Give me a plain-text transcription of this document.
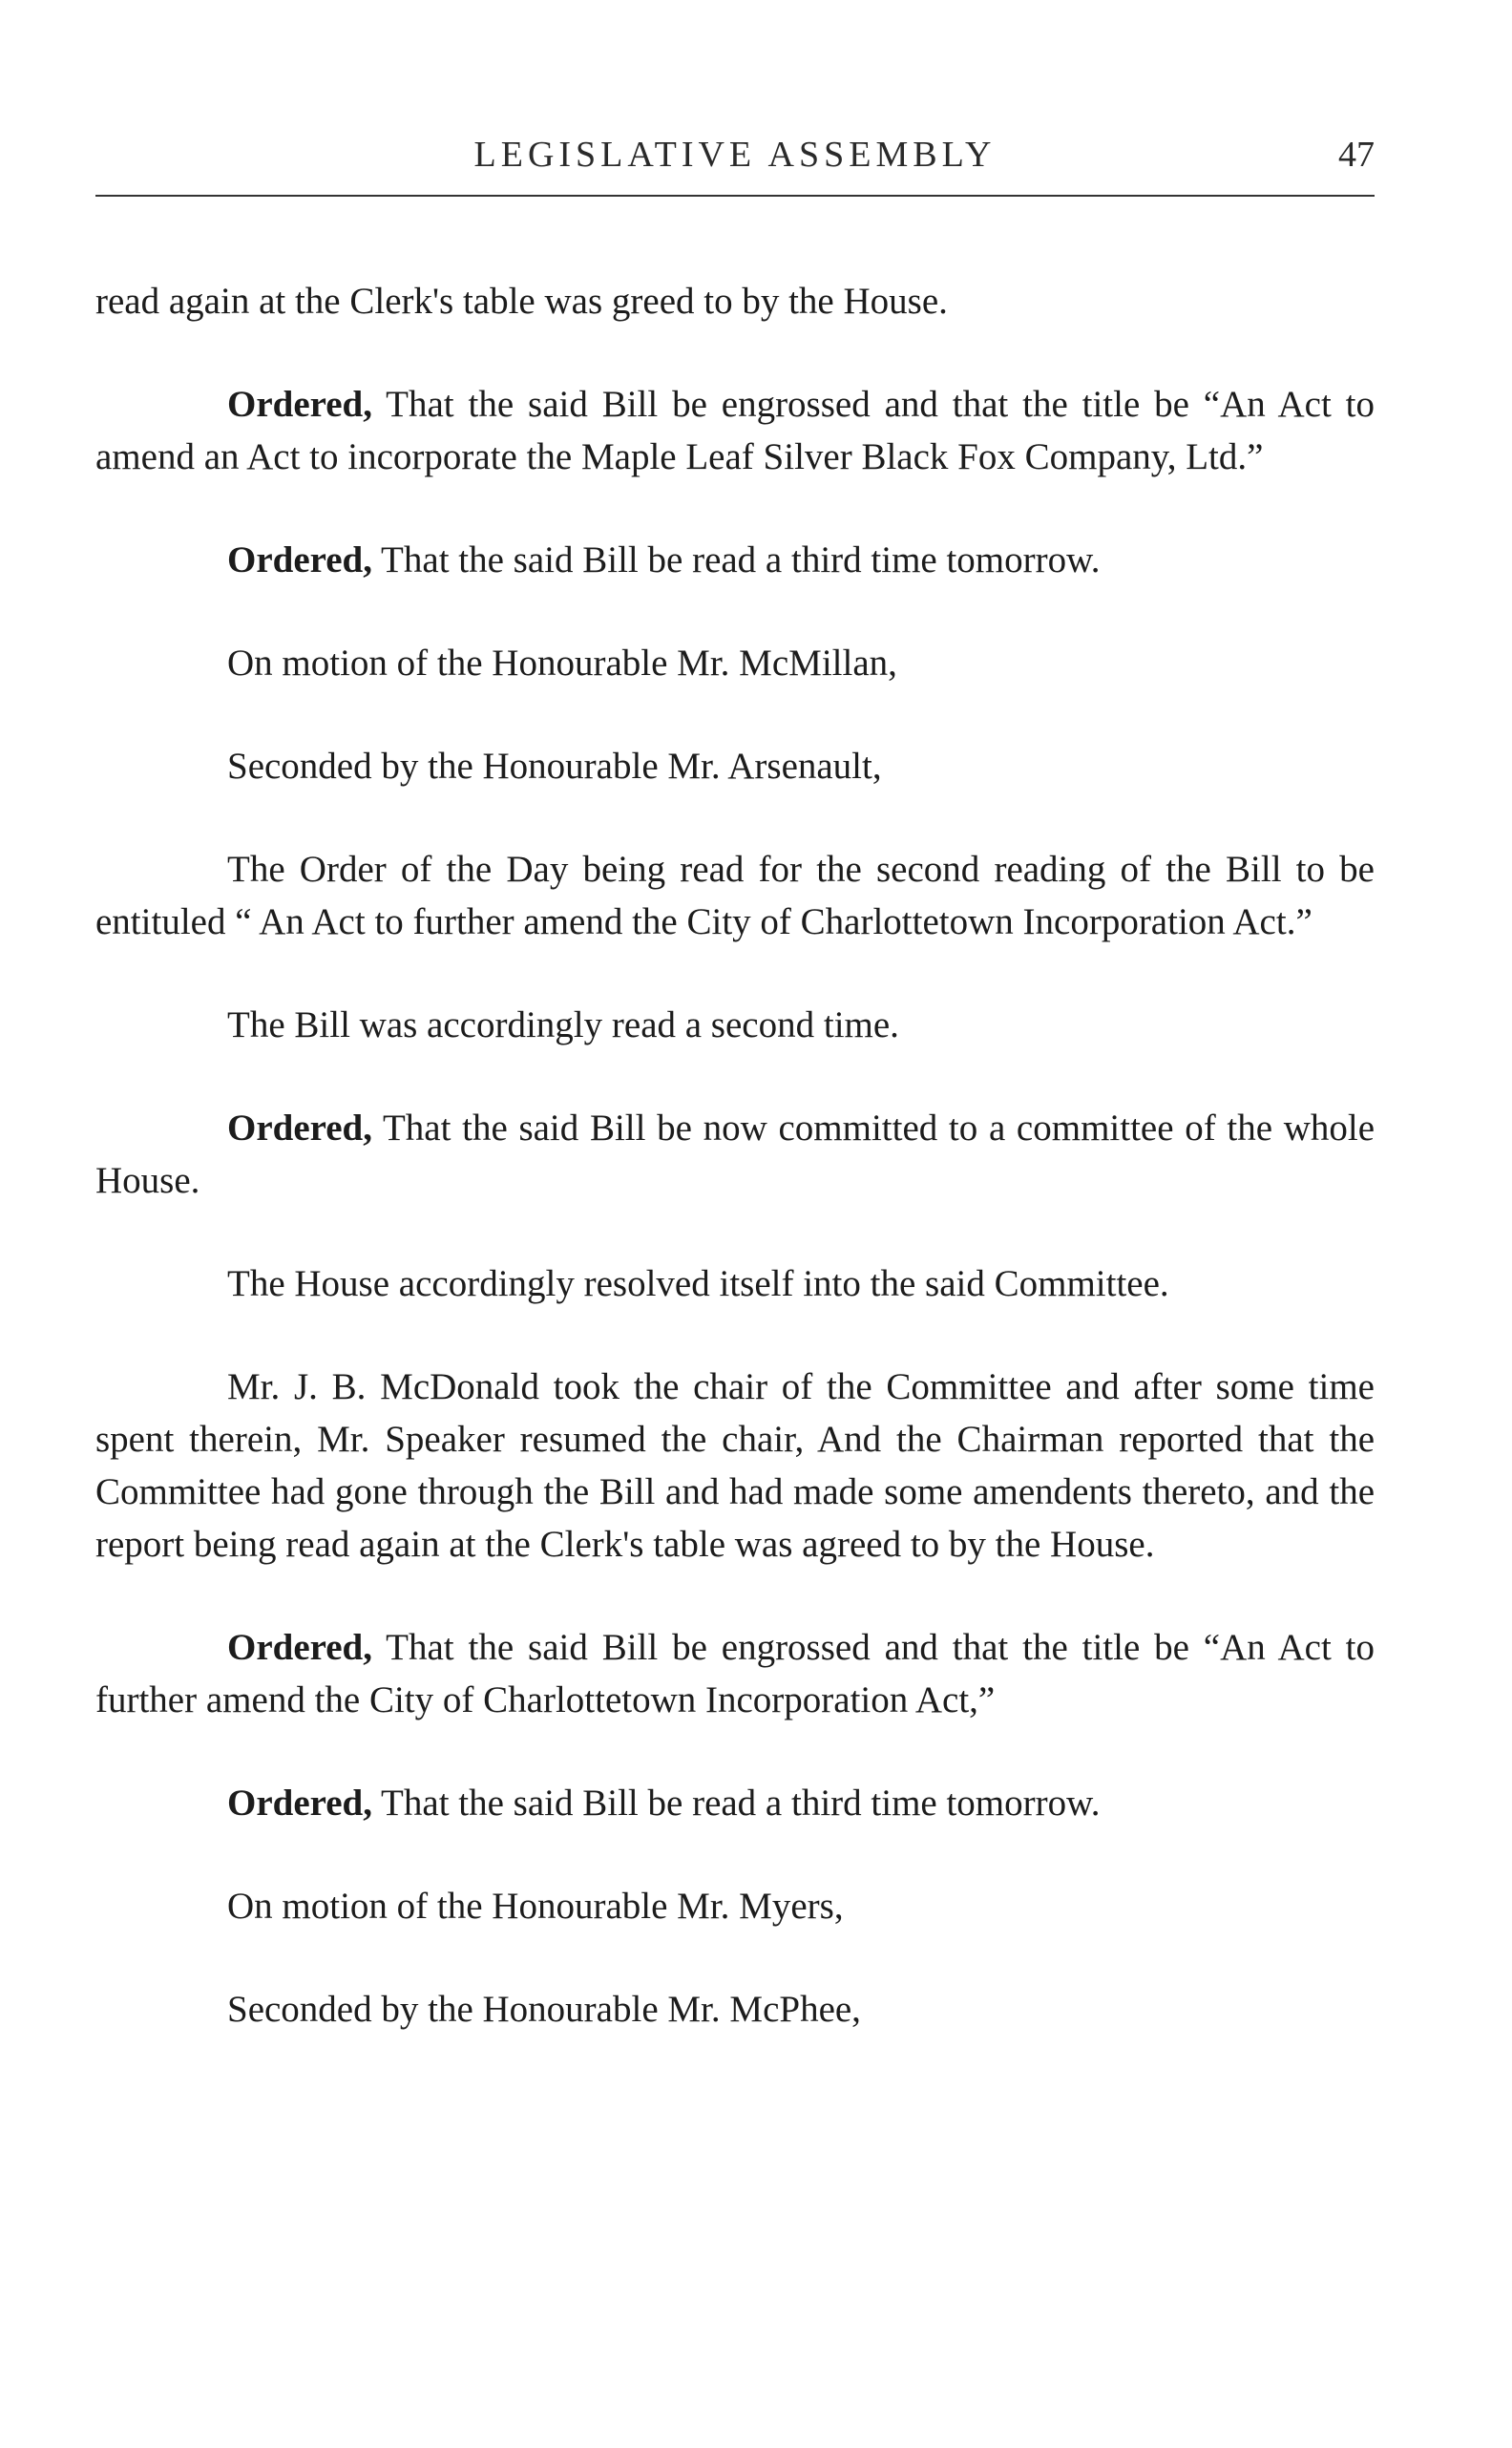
LEGISLATIVE ASSEMBLY	47

read again at the Clerk's table was greed to by the House.

Ordered, That the said Bill be engrossed and that the title be “An Act to amend an Act to incorporate the Maple Leaf Silver Black Fox Company, Ltd.”

Ordered, That the said Bill be read a third time tomorrow.

On motion of the Honourable Mr. McMillan,

Seconded by the Honourable Mr. Arsenault,

The Order of the Day being read for the second reading of the Bill to be entituled “ An Act to further amend the City of Charlottetown Incorporation Act.”

The Bill was accordingly read a second time.

Ordered, That the said Bill be now committed to a committee of the whole House.

The House accordingly resolved itself into the said Committee.

Mr. J. B. McDonald took the chair of the Committee and after some time spent therein, Mr. Speaker resumed the chair, And the Chairman reported that the Committee had gone through the Bill and had made some amendents thereto, and the report being read again at the Clerk's table was agreed to by the House.

Ordered, That the said Bill be engrossed and that the title be “An Act to further amend the City of Charlottetown Incorporation Act,”

Ordered, That the said Bill be read a third time tomorrow.

On motion of the Honourable Mr. Myers,

Seconded by the Honourable Mr. McPhee,
